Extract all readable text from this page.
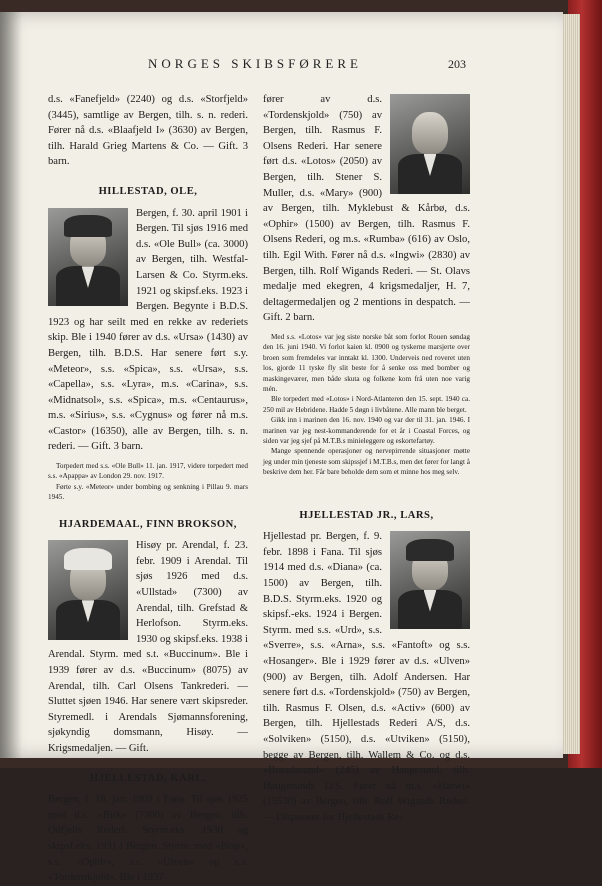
NORGES SKIBSFØRERE	203

d.s. «Fanefjeld» (2240) og d.s. «Storfjeld» (3445), samtlige av Bergen, tilh. s. n. rederi. Fører nå d.s. «Blaafjeld I» (3630) av Bergen, tilh. Harald Grieg Martens & Co. — Gift. 3 barn.

HILLESTAD, OLE,

Bergen, f. 30. april 1901 i Bergen. Til sjøs 1916 med d.s. «Ole Bull» (ca. 3000) av Bergen, tilh. Westfal-Larsen & Co. Styrm.eks. 1921 og skipsf.eks. 1923 i Bergen. Begynte i B.D.S. 1923 og har seilt med en rekke av rederiets skip. Ble i 1940 fører av d.s. «Ursa» (1430) av Bergen, tilh. B.D.S. Har senere ført s.y. «Meteor», s.s. «Spica», s.s. «Ursa», s.s. «Capella», s.s. «Lyra», m.s. «Carina», s.s. «Midnatsol», s.s. «Spica», m.s. «Centaurus», m.s. «Sirius», s.s. «Cygnus» og fører nå m.s. «Castor» (16350), alle av Bergen, tilh. s. n. rederi. — Gift. 3 barn.

Torpedert med s.s. «Ole Bull» 11. jan. 1917, videre torpedert med s.s. «Apappa» av London 29. nov. 1917.

Førte s.y. «Meteor» under bombing og senkning i Pillau 9. mars 1945.

HJARDEMAAL, FINN BROKSON,

Hisøy pr. Arendal, f. 23. febr. 1909 i Arendal. Til sjøs 1926 med d.s. «Ullstad» (7300) av Arendal, tilh. Grefstad & Herlofson. Styrm.eks. 1930 og skipsf.eks. 1938 i Arendal. Styrm. med s.t. «Buccinum». Ble i 1939 fører av d.s. «Buccinum» (8075) av Arendal, tilh. Carl Olsens Tankrederi. — Sluttet sjøen 1946. Har senere vært skipsreder. Styremedl. i Arendals Sjømannsforening, sjøkyndig domsmann, Hisøy. — Krigsmedaljen. — Gift.

HJELLESTAD, KARL,

Bergen, f. 18. jan. 1909 i Fana. Til sjøs 1925 med d.s. «Birk» (7300) av Bergen, tilh. Odfjells Rederi. Styrm.eks. 1930 og skipsf.eks. 1931 i Bergen. Styrm. med «Bisp», s.s. «Ophir», s.s. «Ulven» og s.s. «Tordenskjold». Ble i 1937

fører av d.s. «Tordenskjold» (750) av Bergen, tilh. Rasmus F. Olsens Rederi. Har senere ført d.s. «Lotos» (2050) av Bergen, tilh. Stener S. Muller, d.s. «Mary» (900) av Bergen, tilh. Myklebust & Kårbø, d.s. «Ophir» (1500) av Bergen, tilh. Rasmus F. Olsens Rederi, og m.s. «Rumba» (616) av Oslo, tilh. Egil With. Fører nå d.s. «Ingwi» (2830) av Bergen, tilh. Rolf Wigands Rederi. — St. Olavs medalje med ekegren, 4 krigsmedaljer, H. 7, deltagermedaljen og 2 mentions in despatch. — Gift. 2 barn.

Med s.s. «Lotos» var jeg siste norske båt som forlot Rouen søndag den 16. juni 1940. Vi forlot kaien kl. 0900 og tyskerne marsjerte over broen som fremdeles var inntakt kl. 1300. Underveis ned roveret uten los, gjorde 11 tyske fly slit beste for å senke oss med bomber og maskingeværer, men både skuta og folkene kom frå uten noe varig mén.

Ble torpedert med «Lotos» i Nord-Atlanteren den 15. sept. 1940 ca. 250 mil av Hebridene. Hadde 5 døgn i livbåtene. Alle mann ble berget.

Gikk inn i marinen den 16. nov. 1940 og var der til 31. jan. 1946. I marinen var jeg nest-kommanderende for et år i Coastal Forces, og siden var jeg sjef på M.T.B.s minieleggere og eskortefartøy.

Mange spennende operasjoner og nervepirrende situasjoner møtte jeg under min tjeneste som skipssjef i M.T.B.s, men det fører for langt å beskrive dem her. Får bare beholde dem som et minne hos meg selv.

HJELLESTAD JR., LARS,

Hjellestad pr. Bergen, f. 9. febr. 1898 i Fana. Til sjøs 1914 med d.s. «Diana» (ca. 1500) av Bergen, tilh. B.D.S. Styrm.eks. 1920 og skipsf.-eks. 1924 i Bergen. Styrm. med s.s. «Urd», s.s. «Sverre», s.s. «Arna», s.s. «Fantoft» og s.s. «Hosanger». Ble i 1929 fører av d.s. «Ulven» (900) av Bergen, tilh. Adolf Andersen. Har senere ført d.s. «Tordenskjold» (750) av Bergen, tilh. Rasmus F. Olsen, d.s. «Activ» (600) av Bergen, tilh. Hjellestads Rederi A/S, d.s. «Solviken» (5150), d.s. «Utviken» (5150), begge av Bergen, tilh. Wallem & Co. og d.s. «Brandasund» (245) av Haugesund, tilh. Haugesunds D/S. Fører nå m.s. «Harwi» (15530) av Bergen, tilh. Rolf Wigands Rederi. — Disponent for Hjellestads Re-
